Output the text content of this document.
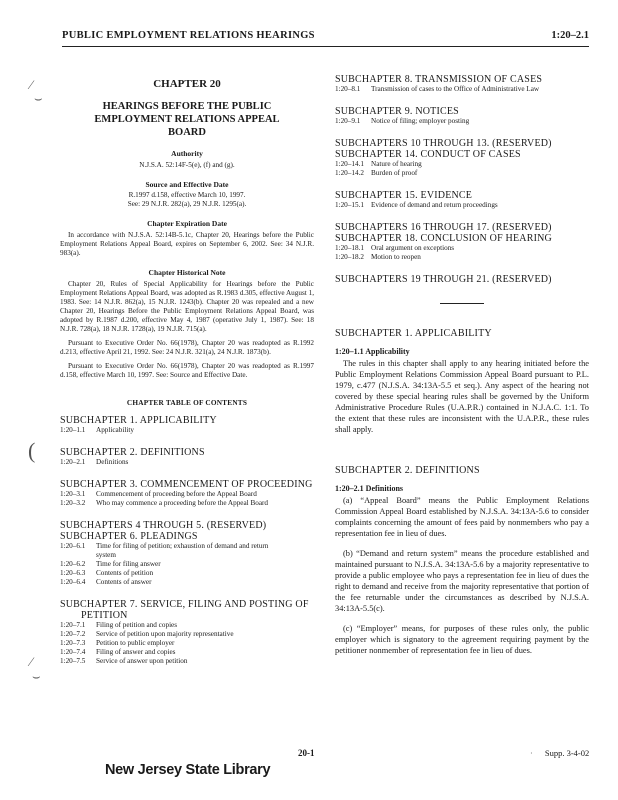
PUBLIC EMPLOYMENT RELATIONS HEARINGS	1:20–2.1
⁄
⌣
(
⁄
⌣
CHAPTER 20
HEARINGS BEFORE THE PUBLIC EMPLOYMENT RELATIONS APPEAL BOARD
Authority
N.J.S.A. 52:14F-5(e), (f) and (g).
Source and Effective Date
R.1997 d.158, effective March 10, 1997.
See: 29 N.J.R. 282(a), 29 N.J.R. 1295(a).
Chapter Expiration Date
In accordance with N.J.S.A. 52:14B-5.1c, Chapter 20, Hearings before the Public Employment Relations Appeal Board, expires on September 6, 2002. See: 34 N.J.R. 983(a).
Chapter Historical Note
Chapter 20, Rules of Special Applicability for Hearings before the Public Employment Relations Appeal Board, was adopted as R.1983 d.305, effective August 1, 1983. See: 14 N.J.R. 862(a), 15 N.J.R. 1243(b). Chapter 20 was repealed and a new Chapter 20, Hearings Before the Public Employment Relations Appeal Board, was adopted by R.1987 d.200, effective May 4, 1987 (operative July 1, 1987). See: 18 N.J.R. 728(a), 18 N.J.R. 1728(a), 19 N.J.R. 715(a).
Pursuant to Executive Order No. 66(1978), Chapter 20 was readopted as R.1992 d.213, effective April 21, 1992. See: 24 N.J.R. 321(a), 24 N.J.R. 1873(b).
Pursuant to Executive Order No. 66(1978), Chapter 20 was readopted as R.1997 d.158, effective March 10, 1997. See: Source and Effective Date.
CHAPTER TABLE OF CONTENTS
SUBCHAPTER 1. APPLICABILITY
1:20–1.1	Applicability
SUBCHAPTER 2. DEFINITIONS
1:20–2.1	Definitions
SUBCHAPTER 3. COMMENCEMENT OF PROCEEDING
1:20–3.1	Commencement of proceeding before the Appeal Board
1:20–3.2	Who may commence a proceeding before the Appeal Board
SUBCHAPTERS 4 THROUGH 5. (RESERVED)
SUBCHAPTER 6. PLEADINGS
1:20–6.1	Time for filing of petition; exhaustion of demand and return
system
1:20–6.2	Time for filing answer
1:20–6.3	Contents of petition
1:20–6.4	Contents of answer
SUBCHAPTER 7. SERVICE, FILING AND POSTING OF
PETITION
1:20–7.1	Filing of petition and copies
1:20–7.2	Service of petition upon majority representative
1:20–7.3	Petition to public employer
1:20–7.4	Filing of answer and copies
1:20–7.5	Service of answer upon petition
SUBCHAPTER 8. TRANSMISSION OF CASES
1:20–8.1	Transmission of cases to the Office of Administrative Law
SUBCHAPTER 9. NOTICES
1:20–9.1	Notice of filing; employer posting
SUBCHAPTERS 10 THROUGH 13. (RESERVED)
SUBCHAPTER 14. CONDUCT OF CASES
1:20–14.1 Nature of hearing
1:20–14.2 Burden of proof
SUBCHAPTER 15. EVIDENCE
1:20–15.1 Evidence of demand and return proceedings
SUBCHAPTERS 16 THROUGH 17. (RESERVED)
SUBCHAPTER 18. CONCLUSION OF HEARING
1:20–18.1 Oral argument on exceptions
1:20–18.2 Motion to reopen
SUBCHAPTERS 19 THROUGH 21. (RESERVED)
SUBCHAPTER 1. APPLICABILITY
1:20–1.1 Applicability
The rules in this chapter shall apply to any hearing initiated before the Public Employment Relations Commission Appeal Board pursuant to P.L. 1979, c.477 (N.J.S.A. 34:13A-5.5 et seq.). Any aspect of the hearing not covered by these special hearing rules shall be governed by the Uniform Administrative Procedure Rules (U.A.P.R.) contained in N.J.A.C. 1:1. To the extent that these rules are inconsistent with the U.A.P.R., these rules shall apply.
SUBCHAPTER 2. DEFINITIONS
1:20–2.1 Definitions
(a) “Appeal Board” means the Public Employment Relations Commission Appeal Board established by N.J.S.A. 34:13A-5.6 to consider complaints concerning the amount of fees paid by nonmembers who pay a representation fee in lieu of dues.
(b) “Demand and return system” means the procedure established and maintained pursuant to N.J.S.A. 34:13A-5.6 by a majority representative to provide a public employee who pays a representation fee in lieu of dues the right to demand and receive from the majority representative that portion of the fee returnable under the circumstances as described by N.J.S.A. 34:13A-5.5(c).
(c) “Employer” means, for purposes of these rules only, the public employer which is signatory to the agreement requiring payment by the petitioner nonmember of representation fee in lieu of dues.
20-1	· Supp. 3-4-02
New Jersey State Library
